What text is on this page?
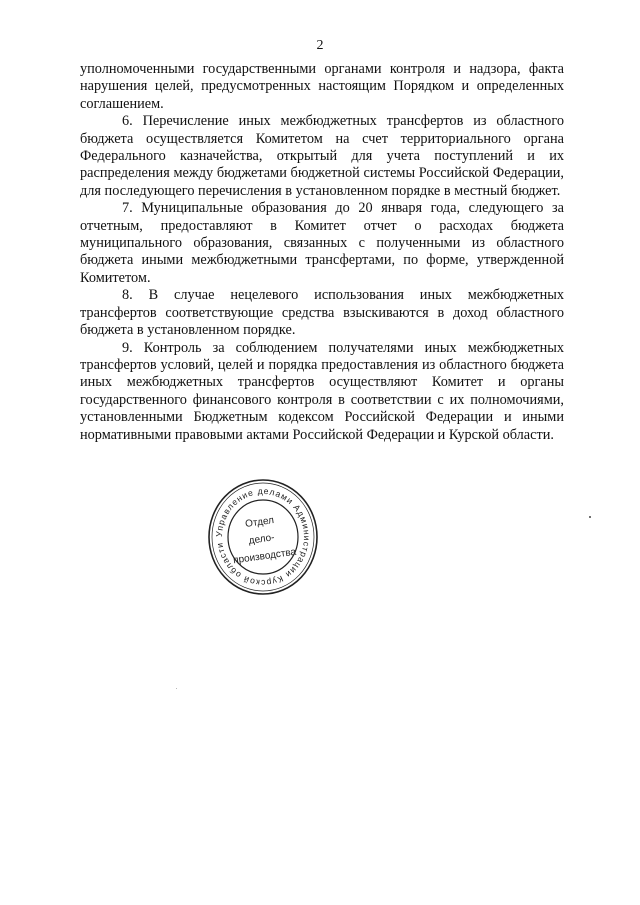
2

уполномоченными государственными органами контроля и надзора, факта нарушения целей, предусмотренных настоящим Порядком и определенных соглашением.

6. Перечисление иных межбюджетных трансфертов из областного бюджета осуществляется Комитетом на счет территориального органа Федерального казначейства, открытый для учета поступлений и их распределения между бюджетами бюджетной системы Российской Федерации, для последующего перечисления в установленном порядке в местный бюджет.

7. Муниципальные образования до 20 января года, следующего за отчетным, предоставляют в Комитет отчет о расходах бюджета муниципального образования, связанных с полученными из областного бюджета иными межбюджетными трансфертами, по форме, утвержденной Комитетом.

8. В случае нецелевого использования иных межбюджетных трансфертов соответствующие средства взыскиваются в доход областного бюджета в установленном порядке.

9. Контроль за соблюдением получателями иных межбюджетных трансфертов условий, целей и порядка предоставления из областного бюджета иных межбюджетных трансфертов осуществляют Комитет и органы государственного финансового контроля в соответствии с их полномочиями, установленными Бюджетным кодексом Российской Федерации и иными нормативными правовыми актами Российской Федерации и Курской области.

Управление делами Администрации Курской области
Отдел
дело-
производства
